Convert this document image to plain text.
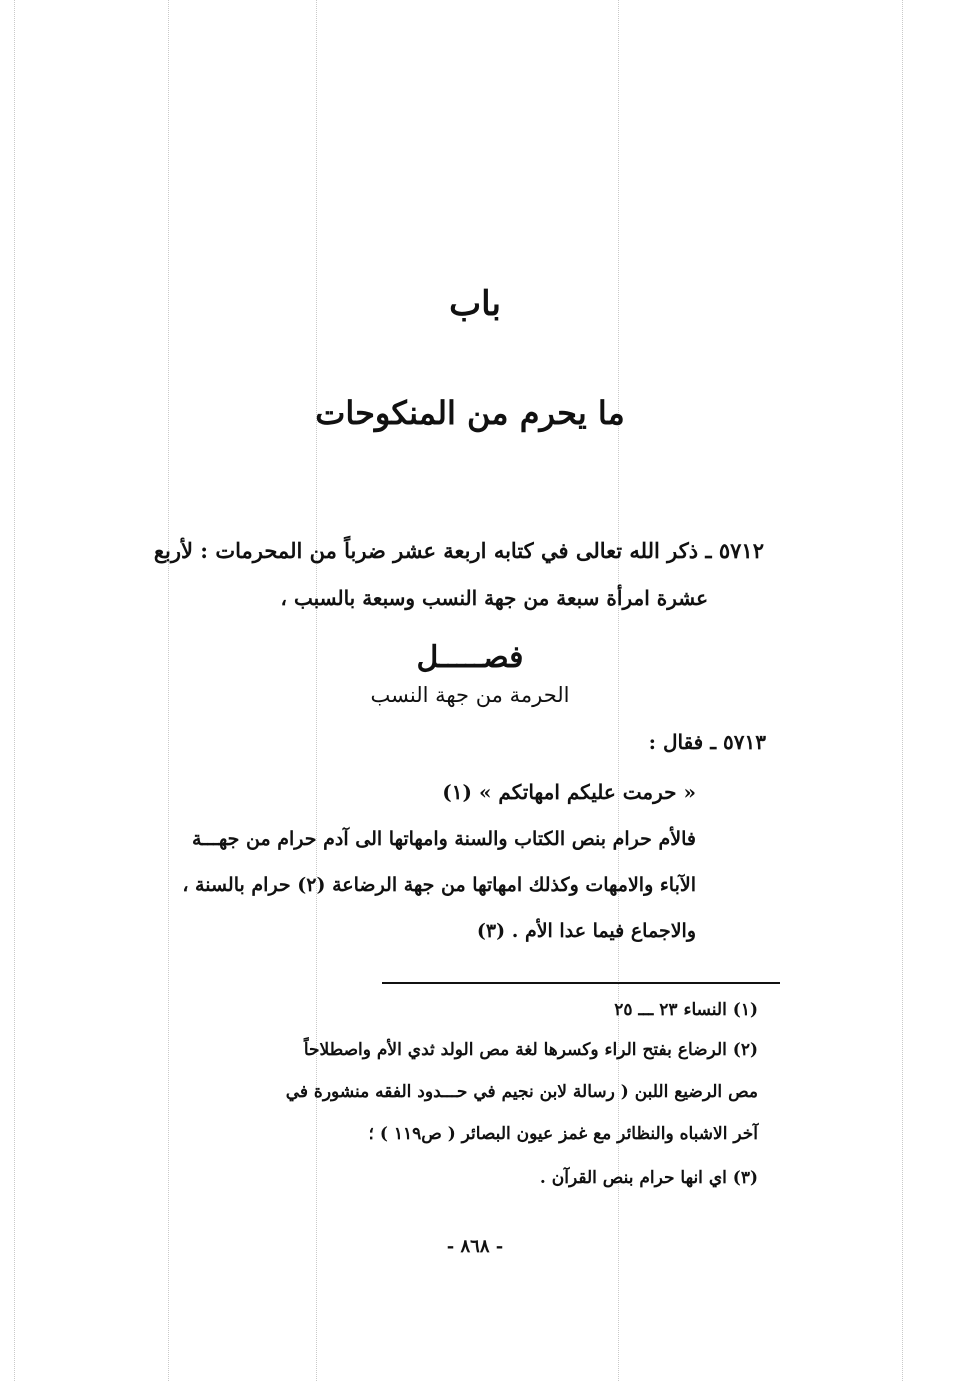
باب
ما يحرم من المنكوحات
٥٧١٢ ـ ذكر الله تعالى في كتابه اربعة عشر ضرباً من المحرمات : لأربع
عشرة امرأة سبعة من جهة النسب وسبعة بالسبب ،
فصـــــل
الحرمة من جهة النسب
٥٧١٣ ـ فقال :
« حرمت عليكم امهاتكم » (١)
فالأم حرام بنص الكتاب والسنة وامهاتها الى آدم حرام من جهـــة
الآباء والامهات وكذلك امهاتها من جهة الرضاعة (٢) حرام بالسنة ،
والاجماع فيما عدا الأم . (٣)
(١) النساء ٢٣ ـــ ٢٥
(٢) الرضاع بفتح الراء وكسرها لغة مص الولد ثدي الأم واصطلاحاً
مص الرضيع اللبن ( رسالة لابن نجيم في حـــدود الفقه منشورة في
آخر الاشباه والنظائر مع غمز عيون البصائر ( ص١١٩ ) ؛
(٣) اي انها حرام بنص القرآن .
- ٨٦٨ -
